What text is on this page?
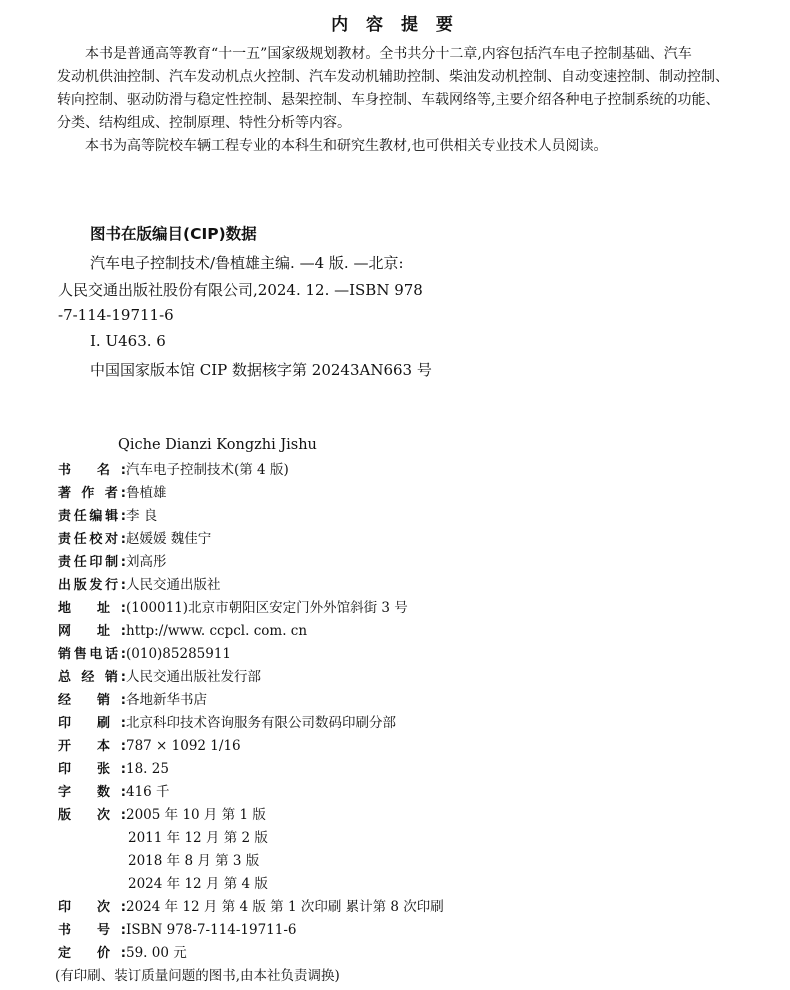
内 容 提 要
本书是普通高等教育“十一五”国家级规划教材。全书共分十二章,内容包括汽车电子控制基础、汽车
发动机供油控制、汽车发动机点火控制、汽车发动机辅助控制、柴油发动机控制、自动变速控制、制动控制、
转向控制、驱动防滑与稳定性控制、悬架控制、车身控制、车载网络等,主要介绍各种电子控制系统的功能、
分类、结构组成、控制原理、特性分析等内容。
本书为高等院校车辆工程专业的本科生和研究生教材,也可供相关专业技术人员阅读。
图书在版编目(CIP)数据
汽车电子控制技术/鲁植雄主编. —4 版. —北京:
人民交通出版社股份有限公司,2024. 12. —ISBN 978
-7-114-19711-6
Ⅰ. U463. 6
中国国家版本馆 CIP 数据核字第 20243AN663 号
Qiche Dianzi Kongzhi Jishu
书 名:汽车电子控制技术(第 4 版)
著 作 者:鲁植雄
责任编辑:李 良
责任校对:赵媛媛 魏佳宁
责任印制:刘高彤
出版发行:人民交通出版社
地 址:(100011)北京市朝阳区安定门外外馆斜街 3 号
网 址:http://www. ccpcl. com. cn
销售电话:(010)85285911
总 经 销:人民交通出版社发行部
经 销:各地新华书店
印 刷:北京科印技术咨询服务有限公司数码印刷分部
开 本:787 × 1092 1/16
印 张:18. 25
字 数:416 千
版 次:2005 年 10 月 第 1 版
2011 年 12 月 第 2 版
2018 年 8 月 第 3 版
2024 年 12 月 第 4 版
印 次:2024 年 12 月 第 4 版 第 1 次印刷 累计第 8 次印刷
书 号:ISBN 978-7-114-19711-6
定 价:59. 00 元
(有印刷、装订质量问题的图书,由本社负责调换)
